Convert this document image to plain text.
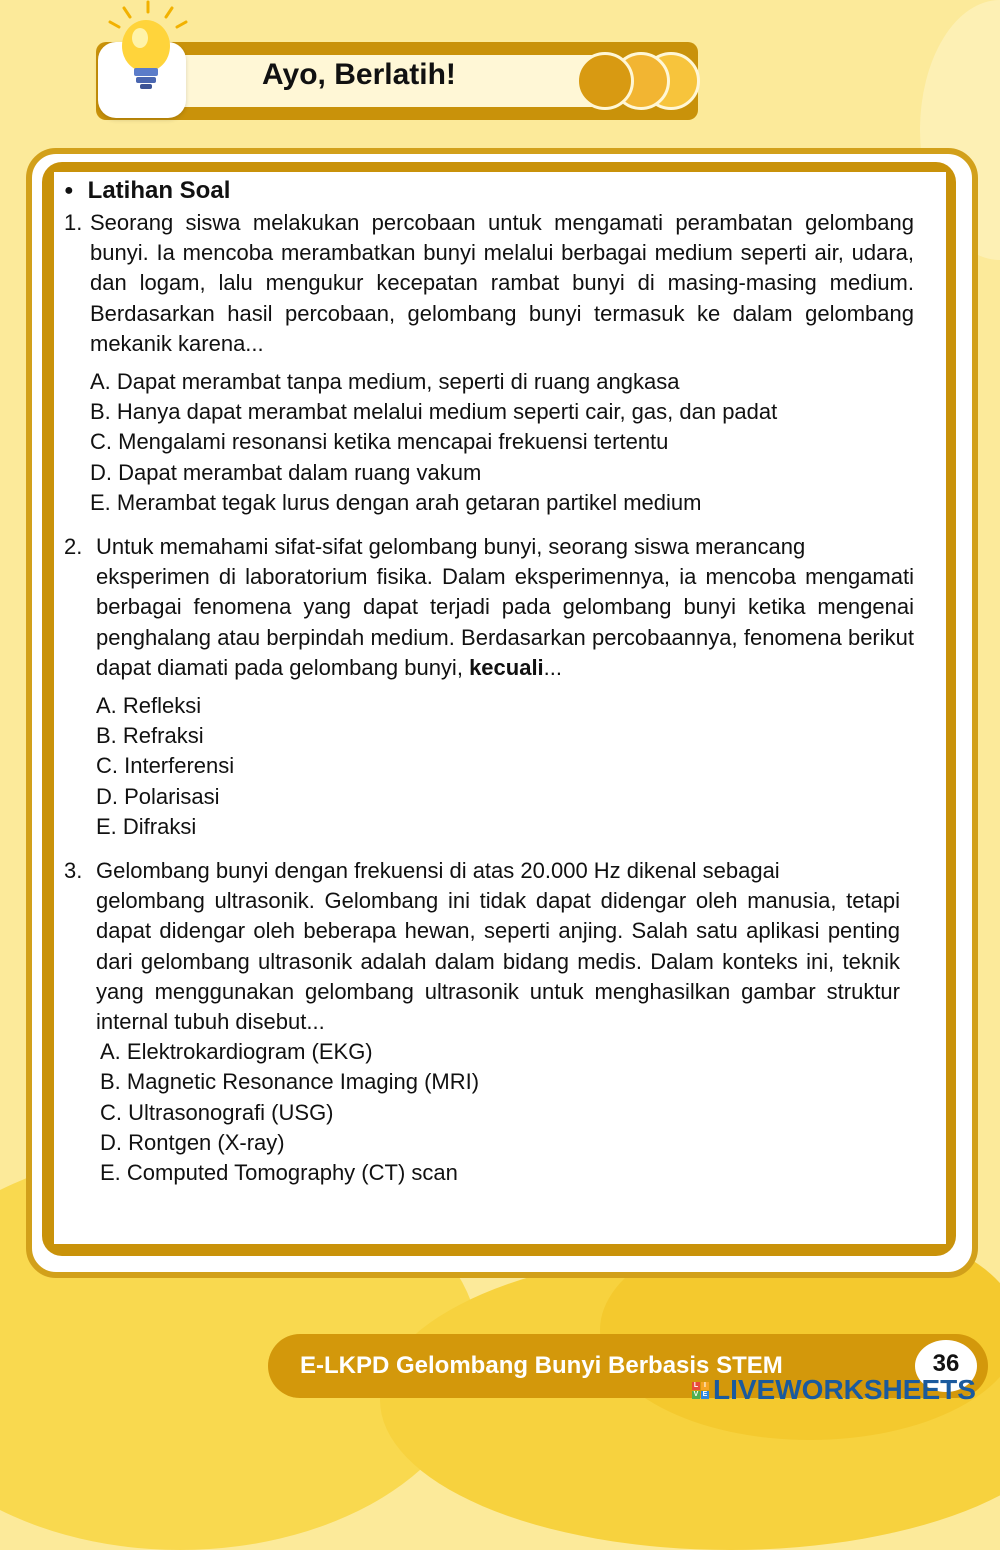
Ayo, Berlatih!
● Latihan Soal
1. Seorang siswa melakukan percobaan untuk mengamati perambatan gelombang bunyi. Ia mencoba merambatkan bunyi melalui berbagai medium seperti air, udara, dan logam, lalu mengukur kecepatan rambat bunyi di masing-masing medium. Berdasarkan hasil percobaan, gelombang bunyi termasuk ke dalam gelombang mekanik karena...
A. Dapat merambat tanpa medium, seperti di ruang angkasa
B. Hanya dapat merambat melalui medium seperti cair, gas, dan padat
C. Mengalami resonansi ketika mencapai frekuensi tertentu
D. Dapat merambat dalam ruang vakum
E. Merambat tegak lurus dengan arah getaran partikel medium
2. Untuk memahami sifat-sifat gelombang bunyi, seorang siswa merancang
eksperimen di laboratorium fisika. Dalam eksperimennya, ia mencoba mengamati berbagai fenomena yang dapat terjadi pada gelombang bunyi ketika mengenai penghalang atau berpindah medium. Berdasarkan percobaannya, fenomena berikut dapat diamati pada gelombang bunyi, kecuali...
A. Refleksi
B. Refraksi
C. Interferensi
D. Polarisasi
E. Difraksi
3. Gelombang bunyi dengan frekuensi di atas 20.000 Hz dikenal sebagai
gelombang ultrasonik. Gelombang ini tidak dapat didengar oleh manusia, tetapi dapat didengar oleh beberapa hewan, seperti anjing. Salah satu aplikasi penting dari gelombang ultrasonik adalah dalam bidang medis. Dalam konteks ini, teknik yang menggunakan gelombang ultrasonik untuk menghasilkan gambar struktur internal tubuh disebut...
A. Elektrokardiogram (EKG)
B. Magnetic Resonance Imaging (MRI)
C. Ultrasonografi (USG)
D. Rontgen (X-ray)
E. Computed Tomography (CT) scan
E-LKPD Gelombang Bunyi Berbasis STEM	36
L I
V E LIVEWORKSHEETS
